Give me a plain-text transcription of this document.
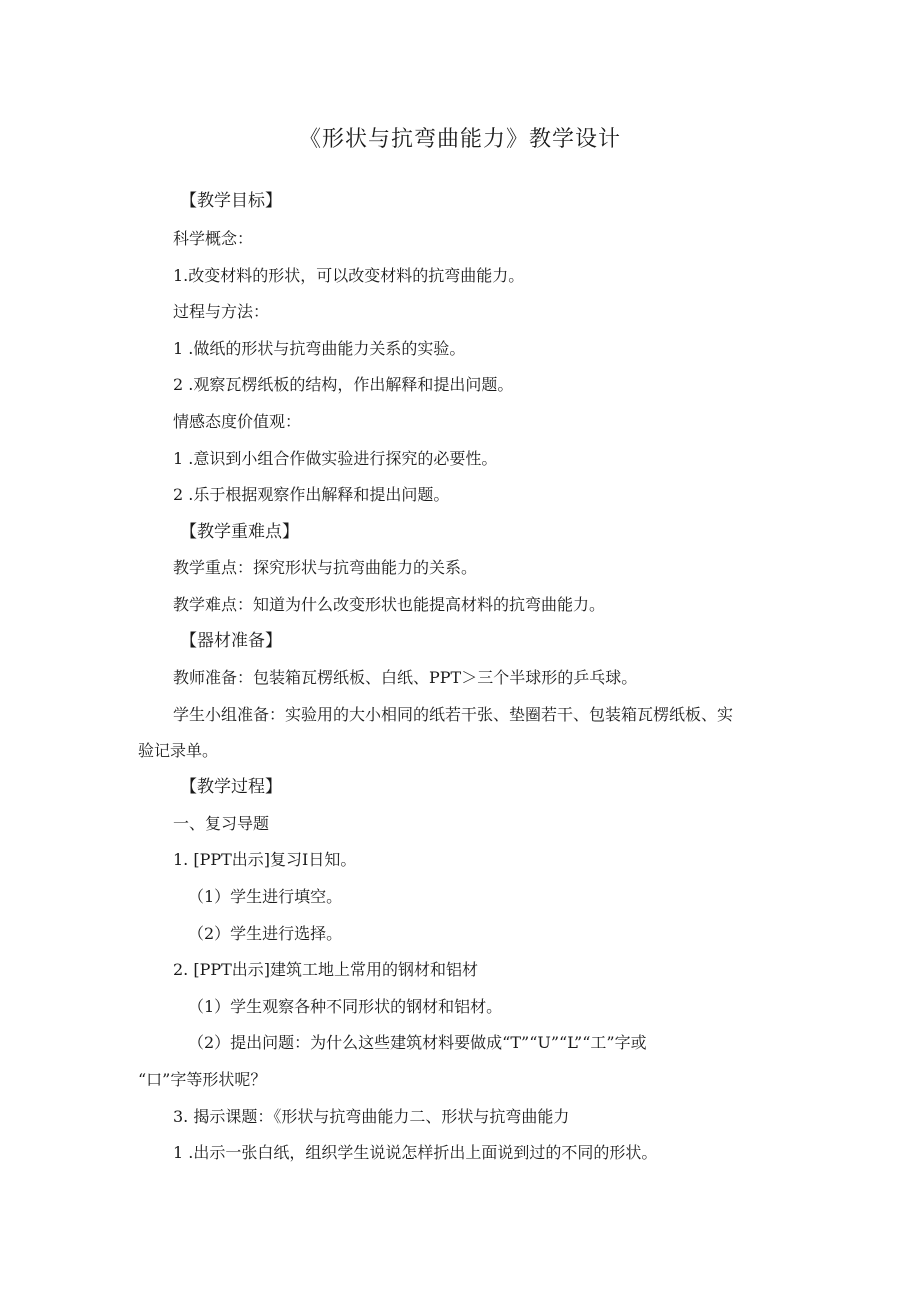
《形状与抗弯曲能力》教学设计
【教学目标】
科学概念：
1.改变材料的形状，可以改变材料的抗弯曲能力。
过程与方法：
1 .做纸的形状与抗弯曲能力关系的实验。
2 .观察瓦楞纸板的结构，作出解释和提出问题。
情感态度价值观：
1 .意识到小组合作做实验进行探究的必要性。
2 .乐于根据观察作出解释和提出问题。
【教学重难点】
教学重点：探究形状与抗弯曲能力的关系。
教学难点：知道为什么改变形状也能提高材料的抗弯曲能力。
【器材准备】
教师准备：包装箱瓦楞纸板、白纸、PPT＞三个半球形的乒乓球。
学生小组准备：实验用的大小相同的纸若干张、垫圈若干、包装箱瓦楞纸板、实
验记录单。
【教学过程】
一、复习导题
1. [PPT出示]复习I日知。
（1）学生进行填空。
（2）学生进行选择。
2. [PPT出示]建筑工地上常用的钢材和铝材
（1）学生观察各种不同形状的钢材和铝材。
（2）提出问题：为什么这些建筑材料要做成“T”“U”“L”“工”字或
“口”字等形状呢？
3. 揭示课题：《形状与抗弯曲能力二、形状与抗弯曲能力
1 .出示一张白纸，组织学生说说怎样折出上面说到过的不同的形状。
